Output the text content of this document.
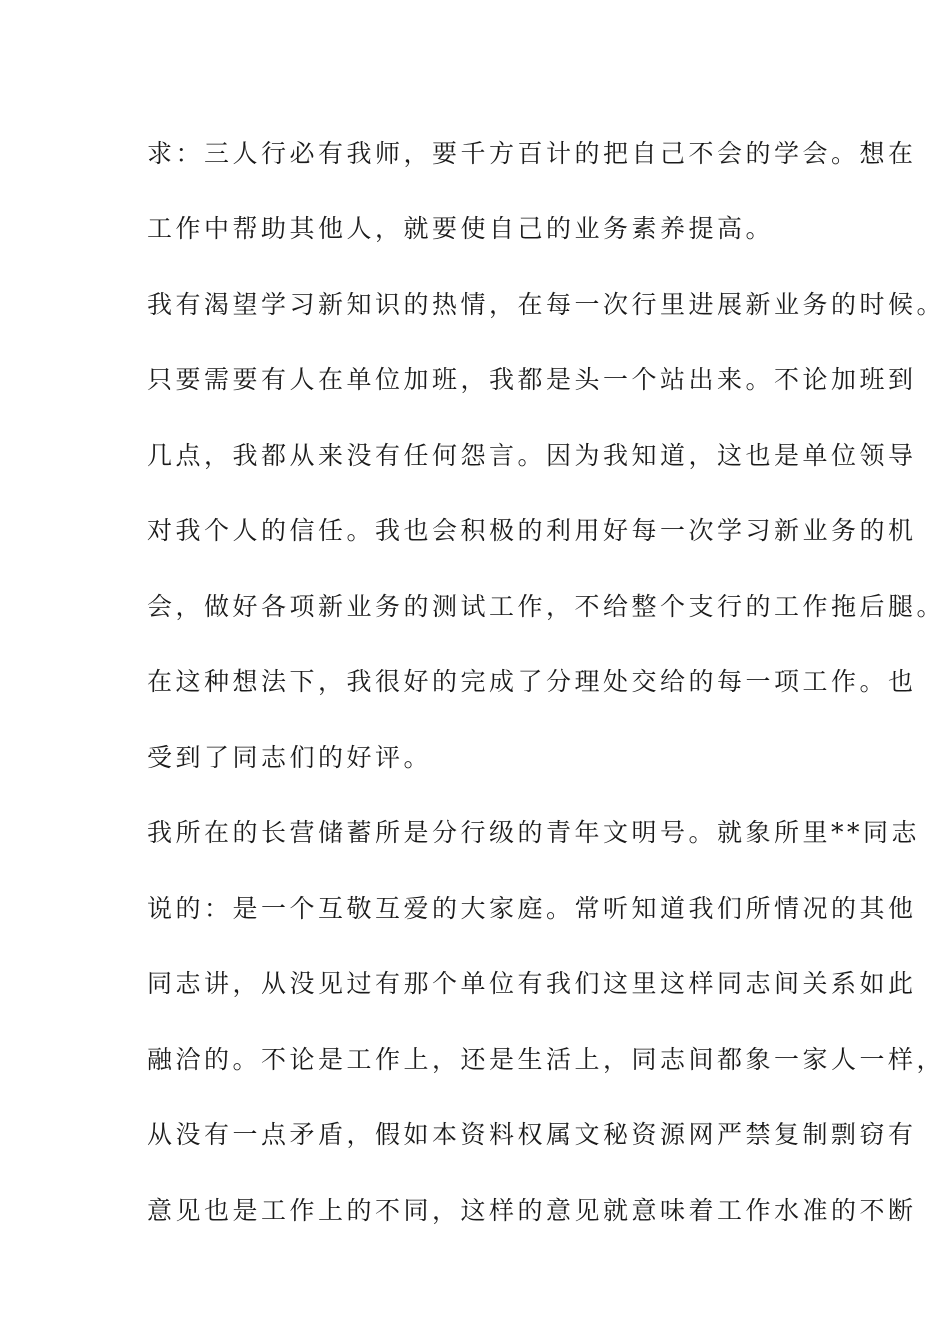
求：三人行必有我师，要千方百计的把自己不会的学会。想在

工作中帮助其他人，就要使自己的业务素养提高。

我有渴望学习新知识的热情，在每一次行里进展新业务的时候。

只要需要有人在单位加班，我都是头一个站出来。不论加班到

几点，我都从来没有任何怨言。因为我知道，这也是单位领导

对我个人的信任。我也会积极的利用好每一次学习新业务的机

会，做好各项新业务的测试工作，不给整个支行的工作拖后腿。

在这种想法下，我很好的完成了分理处交给的每一项工作。也

受到了同志们的好评。

我所在的长营储蓄所是分行级的青年文明号。就象所里**同志

说的：是一个互敬互爱的大家庭。常听知道我们所情况的其他

同志讲，从没见过有那个单位有我们这里这样同志间关系如此

融洽的。不论是工作上，还是生活上，同志间都象一家人一样，

从没有一点矛盾，假如本资料权属文秘资源网严禁复制剽窃有

意见也是工作上的不同，这样的意见就意味着工作水准的不断
